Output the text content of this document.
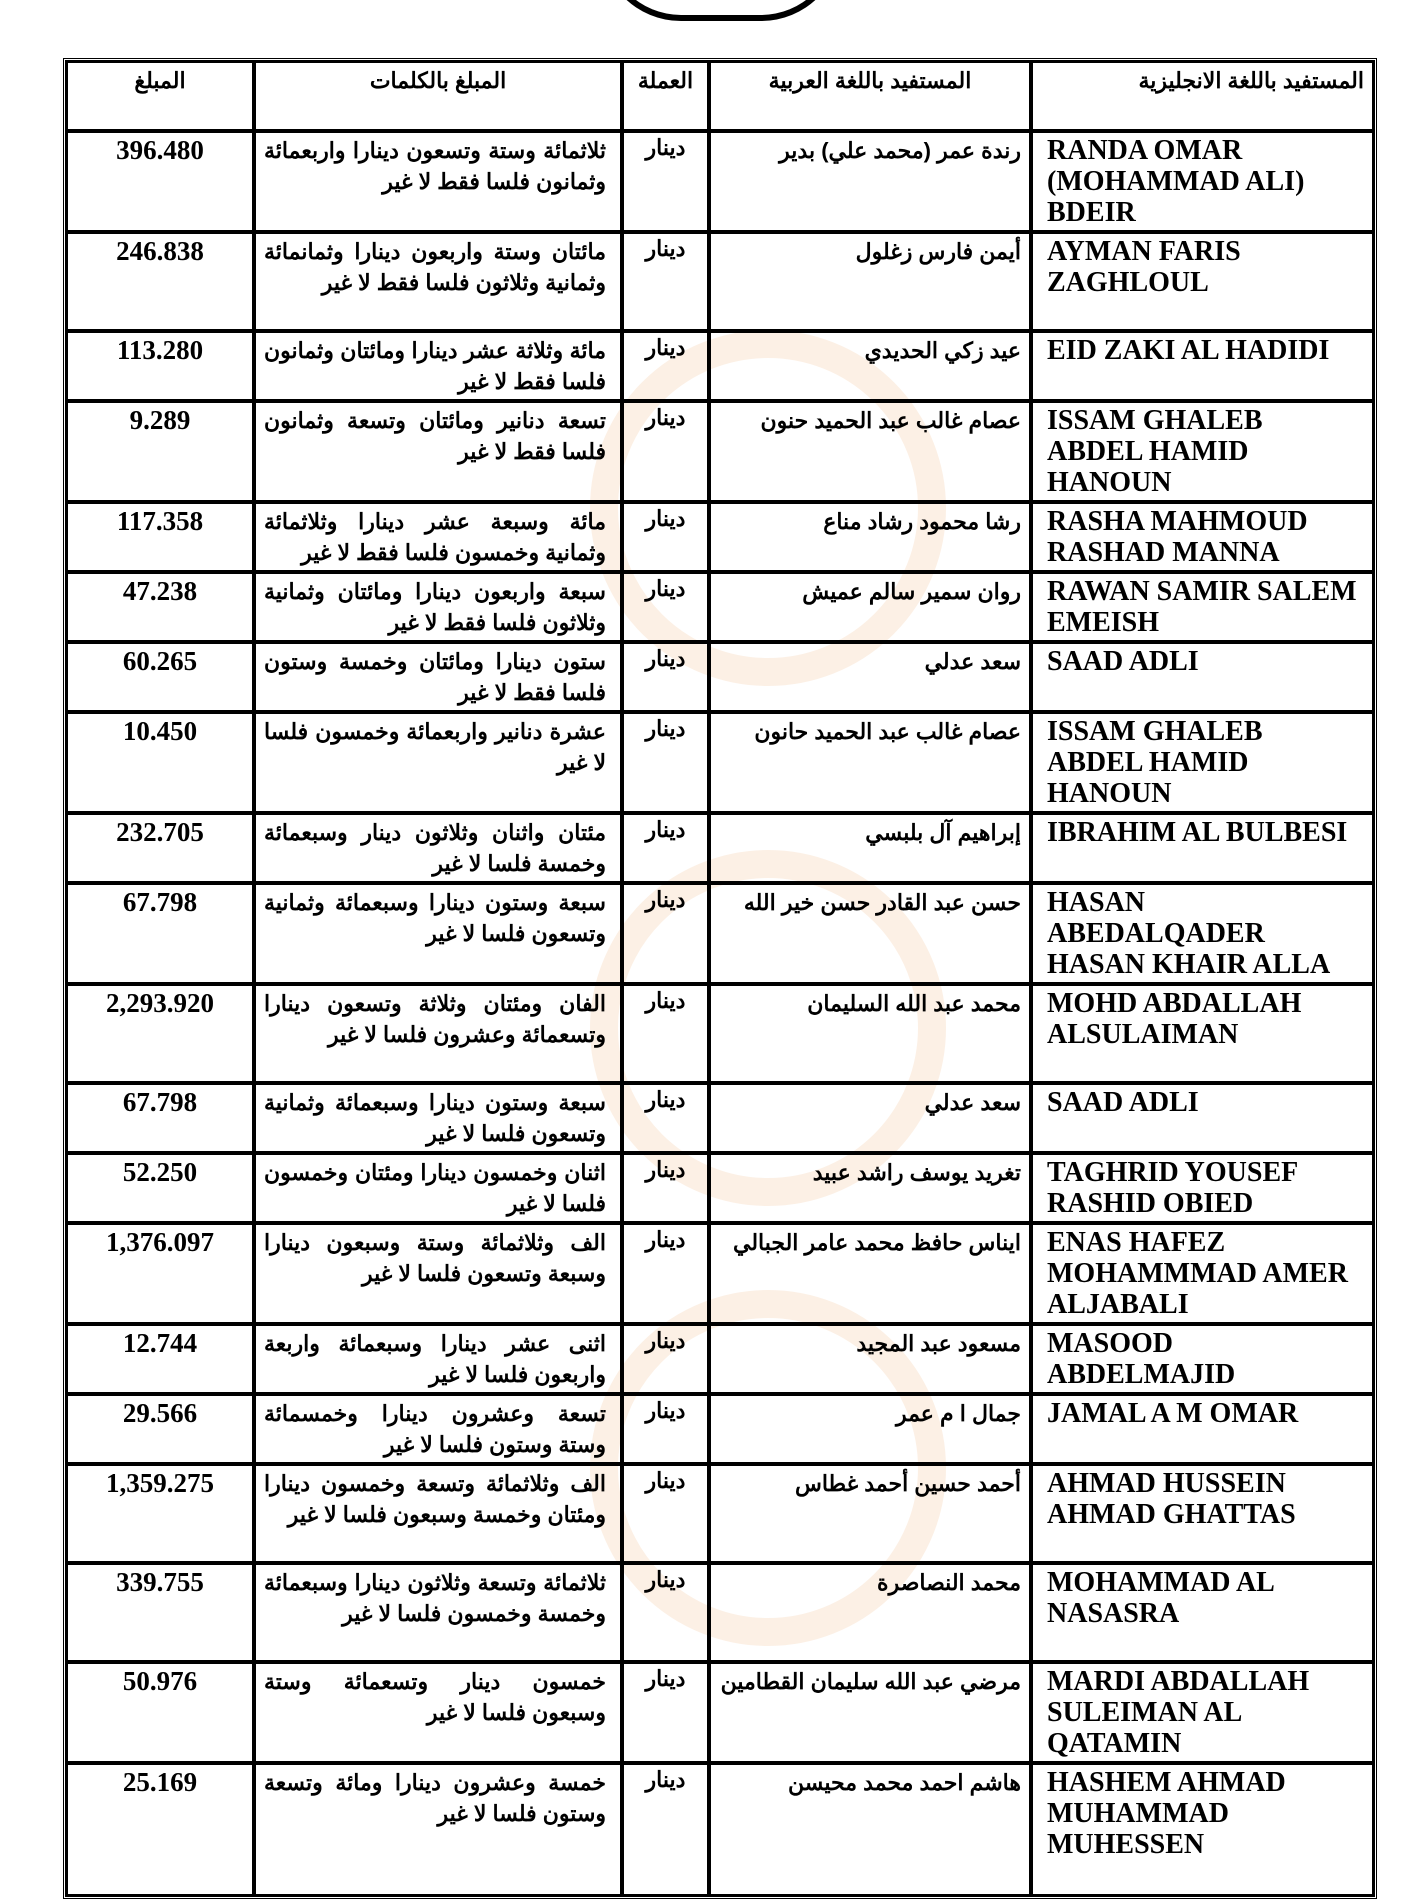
المبلغ	المبلغ بالكلمات	العملة	المستفيد باللغة العربية	المستفيد باللغة الانجليزية
396.480	ثلاثمائة وستة وتسعون دينارا واربعمائة وثمانون فلسا فقط لا غير	دينار	رندة عمر (محمد علي) بدير	RANDA OMAR (MOHAMMAD ALI) BDEIR
246.838	مائتان وستة واربعون دينارا وثمانمائة وثمانية وثلاثون فلسا فقط لا غير	دينار	أيمن فارس زغلول	AYMAN FARIS ZAGHLOUL
113.280	مائة وثلاثة عشر دينارا ومائتان وثمانون فلسا فقط لا غير	دينار	عيد زكي الحديدي	EID ZAKI AL HADIDI
9.289	تسعة دنانير ومائتان وتسعة وثمانون فلسا فقط لا غير	دينار	عصام غالب عبد الحميد حنون	ISSAM GHALEB ABDEL HAMID HANOUN
117.358	مائة وسبعة عشر دينارا وثلاثمائة وثمانية وخمسون فلسا فقط لا غير	دينار	رشا محمود رشاد مناع	RASHA MAHMOUD RASHAD MANNA
47.238	سبعة واربعون دينارا ومائتان وثمانية وثلاثون فلسا فقط لا غير	دينار	روان سمير سالم عميش	RAWAN SAMIR SALEM EMEISH
60.265	ستون دينارا ومائتان وخمسة وستون فلسا فقط لا غير	دينار	سعد عدلي	SAAD ADLI
10.450	عشرة دنانير واربعمائة وخمسون فلسا لا غير	دينار	عصام غالب عبد الحميد حانون	ISSAM GHALEB ABDEL HAMID HANOUN
232.705	مئتان واثنان وثلاثون دينار وسبعمائة وخمسة فلسا لا غير	دينار	إبراهيم آل بلبسي	IBRAHIM AL BULBESI
67.798	سبعة وستون دينارا وسبعمائة وثمانية وتسعون فلسا لا غير	دينار	حسن عبد القادر حسن خير الله	HASAN ABEDALQADER HASAN KHAIR ALLA
2,293.920	الفان ومئتان وثلاثة وتسعون دينارا وتسعمائة وعشرون فلسا لا غير	دينار	محمد عبد الله السليمان	MOHD ABDALLAH ALSULAIMAN
67.798	سبعة وستون دينارا وسبعمائة وثمانية وتسعون فلسا لا غير	دينار	سعد عدلي	SAAD ADLI
52.250	اثنان وخمسون دينارا ومئتان وخمسون فلسا لا غير	دينار	تغريد يوسف راشد عبيد	TAGHRID YOUSEF RASHID OBIED
1,376.097	الف وثلاثمائة وستة وسبعون دينارا وسبعة وتسعون فلسا لا غير	دينار	ايناس حافظ محمد عامر الجبالي	ENAS HAFEZ MOHAMMMAD AMER ALJABALI
12.744	اثنى عشر دينارا وسبعمائة واربعة واربعون فلسا لا غير	دينار	مسعود عبد المجيد	MASOOD ABDELMAJID
29.566	تسعة وعشرون دينارا وخمسمائة وستة وستون فلسا لا غير	دينار	جمال ا م عمر	JAMAL A M OMAR
1,359.275	الف وثلاثمائة وتسعة وخمسون دينارا ومئتان وخمسة وسبعون فلسا لا غير	دينار	أحمد حسين أحمد غطاس	AHMAD HUSSEIN AHMAD GHATTAS
339.755	ثلاثمائة وتسعة وثلاثون دينارا وسبعمائة وخمسة وخمسون فلسا لا غير	دينار	محمد النصاصرة	MOHAMMAD AL NASASRA
50.976	خمسون دينار وتسعمائة وستة وسبعون فلسا لا غير	دينار	مرضي عبد الله سليمان القطامين	MARDI ABDALLAH SULEIMAN AL QATAMIN
25.169	خمسة وعشرون دينارا ومائة وتسعة وستون فلسا لا غير	دينار	هاشم احمد محمد محيسن	HASHEM AHMAD MUHAMMAD MUHESSEN
